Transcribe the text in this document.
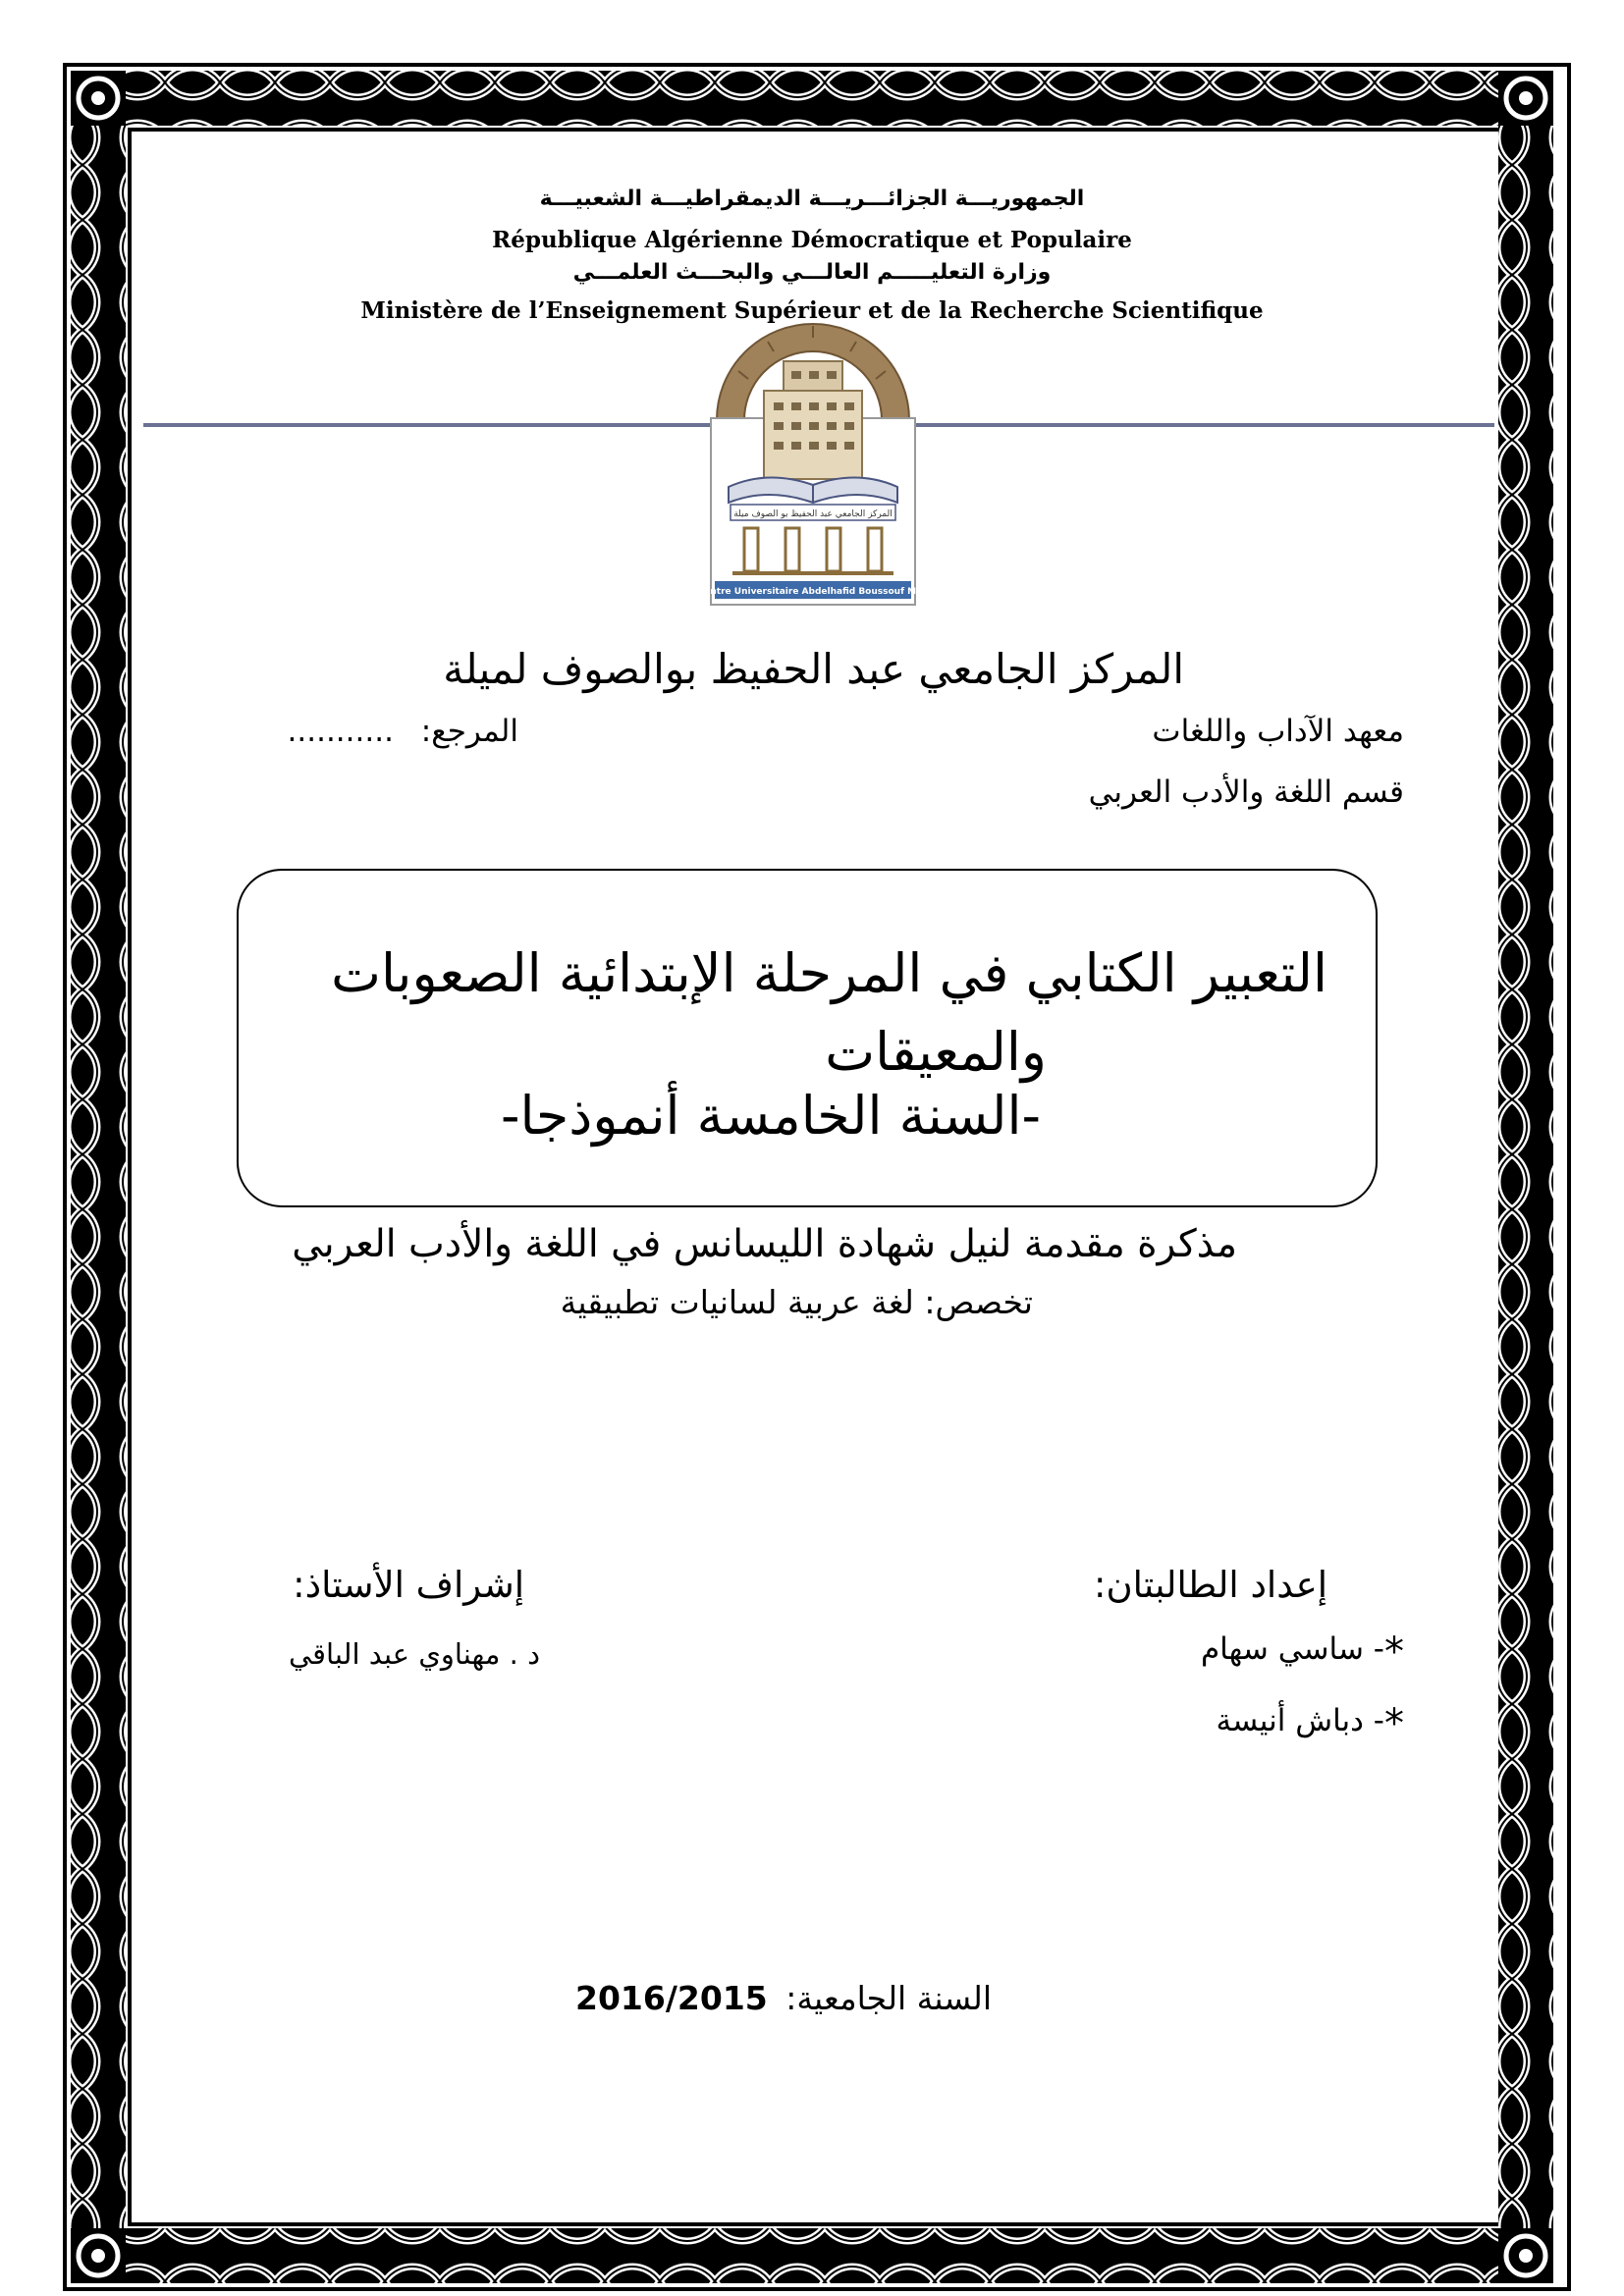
الجمهوريـــة الجزائـــريـــة الديمقراطيـــة الشعبيـــة
République Algérienne Démocratique et Populaire
وزارة التعليـــــم العالـــي والبحـــث العلمـــي
Ministère de l’Enseignement Supérieur et de la Recherche Scientifique
المركز الجامعي عبد الحفيظ بو الصوف ميلة
Centre Universitaire Abdelhafid Boussouf Mila
المركز الجامعي عبد الحفيظ بوالصوف لميلة
معهد الآداب واللغات
المرجع: ...........
قسم اللغة والأدب العربي
التعبير الكتابي في المرحلة الإبتدائية الصعوبات
والمعيقات
-السنة الخامسة أنموذجا-
مذكرة مقدمة لنيل شهادة الليسانس في اللغة والأدب العربي
تخصص: لغة عربية لسانيات تطبيقية
إعداد الطالبتان:
*- ساسي سهام
*- دباش أنيسة
إشراف الأستاذ:
د . مهناوي عبد الباقي
السنة الجامعية: 2016/2015
